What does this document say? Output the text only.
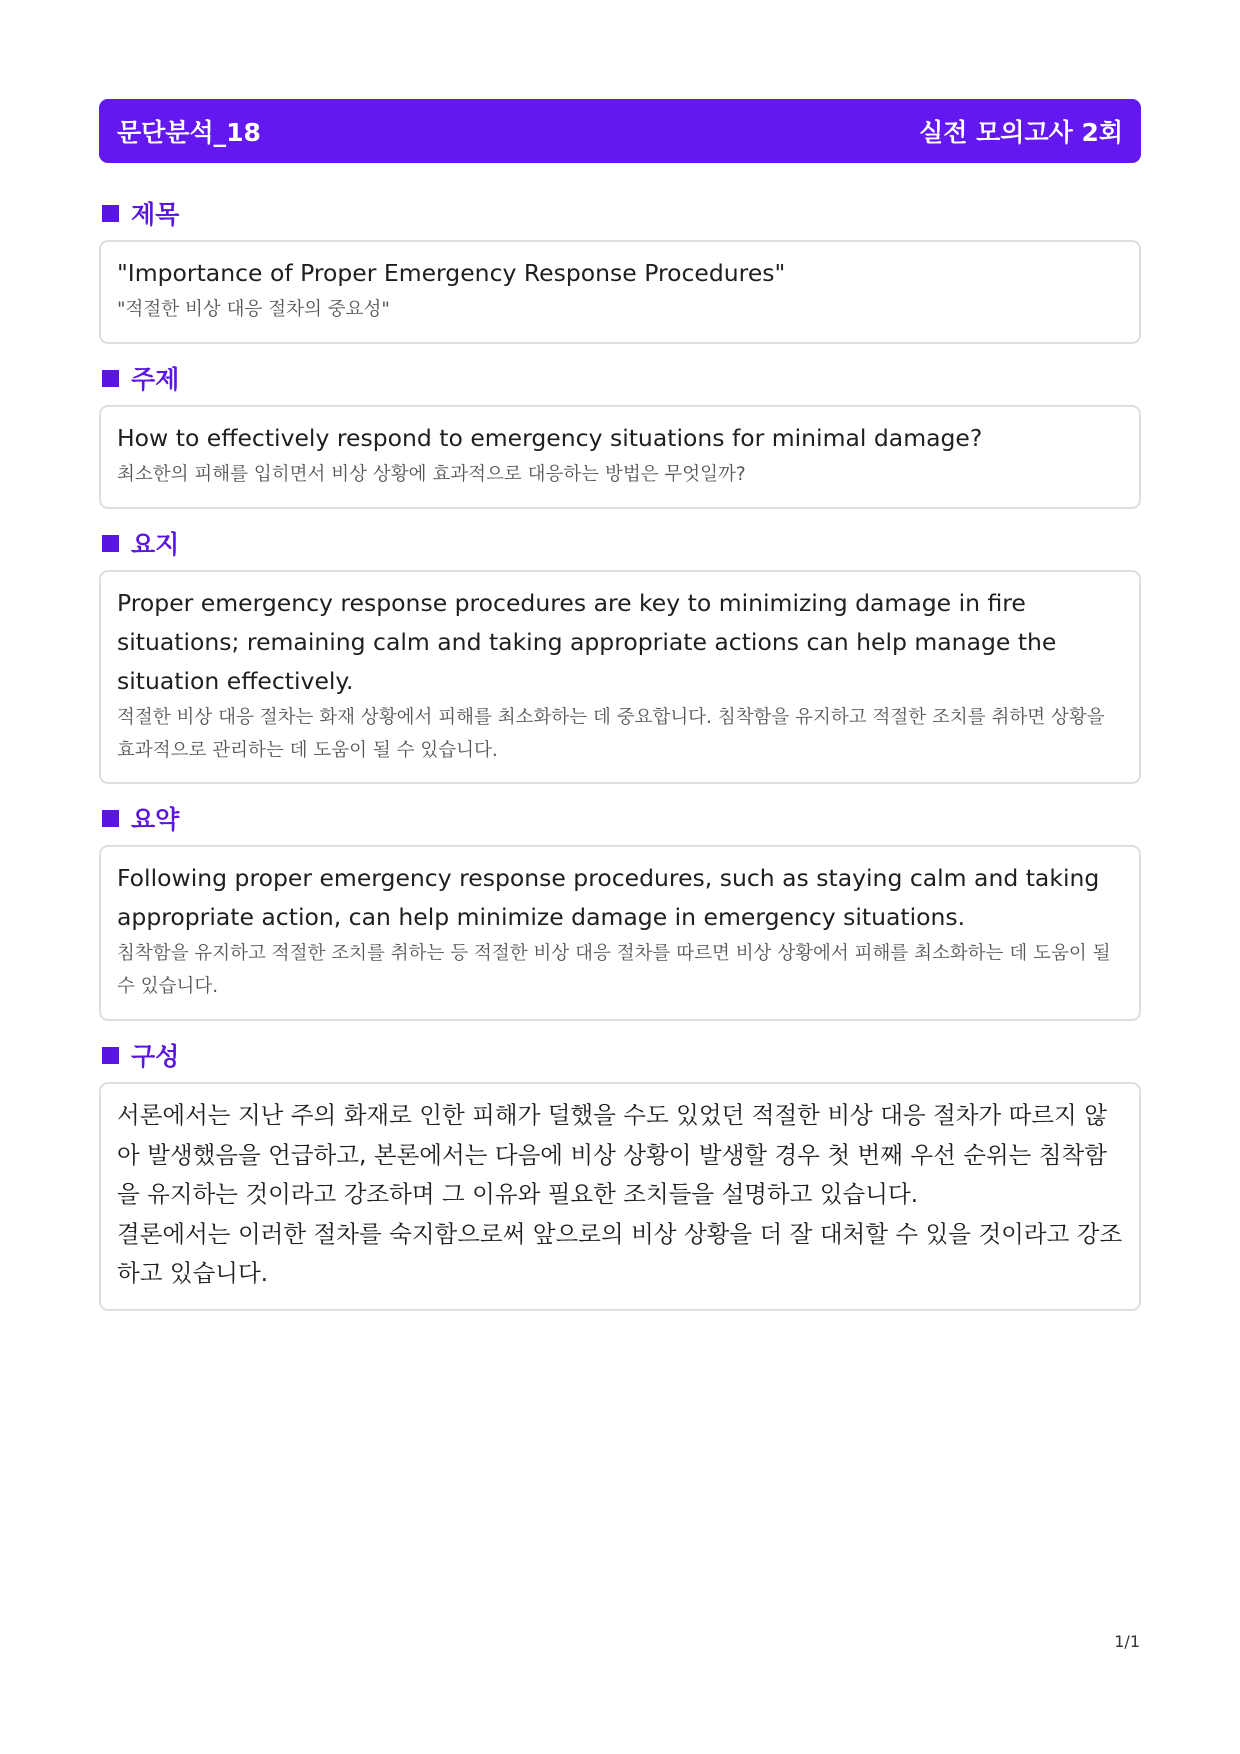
문단분석_18	실전 모의고사 2회
제목
"Importance of Proper Emergency Response Procedures"
"적절한 비상 대응 절차의 중요성"
주제
How to effectively respond to emergency situations for minimal damage?
최소한의 피해를 입히면서 비상 상황에 효과적으로 대응하는 방법은 무엇일까?
요지
Proper emergency response procedures are key to minimizing damage in fire situations; remaining calm and taking appropriate actions can help manage the situation effectively.
적절한 비상 대응 절차는 화재 상황에서 피해를 최소화하는 데 중요합니다. 침착함을 유지하고 적절한 조치를 취하면 상황을 효과적으로 관리하는 데 도움이 될 수 있습니다.
요약
Following proper emergency response procedures, such as staying calm and taking appropriate action, can help minimize damage in emergency situations.
침착함을 유지하고 적절한 조치를 취하는 등 적절한 비상 대응 절차를 따르면 비상 상황에서 피해를 최소화하는 데 도움이 될 수 있습니다.
구성
서론에서는 지난 주의 화재로 인한 피해가 덜했을 수도 있었던 적절한 비상 대응 절차가 따르지 않아 발생했음을 언급하고, 본론에서는 다음에 비상 상황이 발생할 경우 첫 번째 우선 순위는 침착함을 유지하는 것이라고 강조하며 그 이유와 필요한 조치들을 설명하고 있습니다.
결론에서는 이러한 절차를 숙지함으로써 앞으로의 비상 상황을 더 잘 대처할 수 있을 것이라고 강조하고 있습니다.
1/1
